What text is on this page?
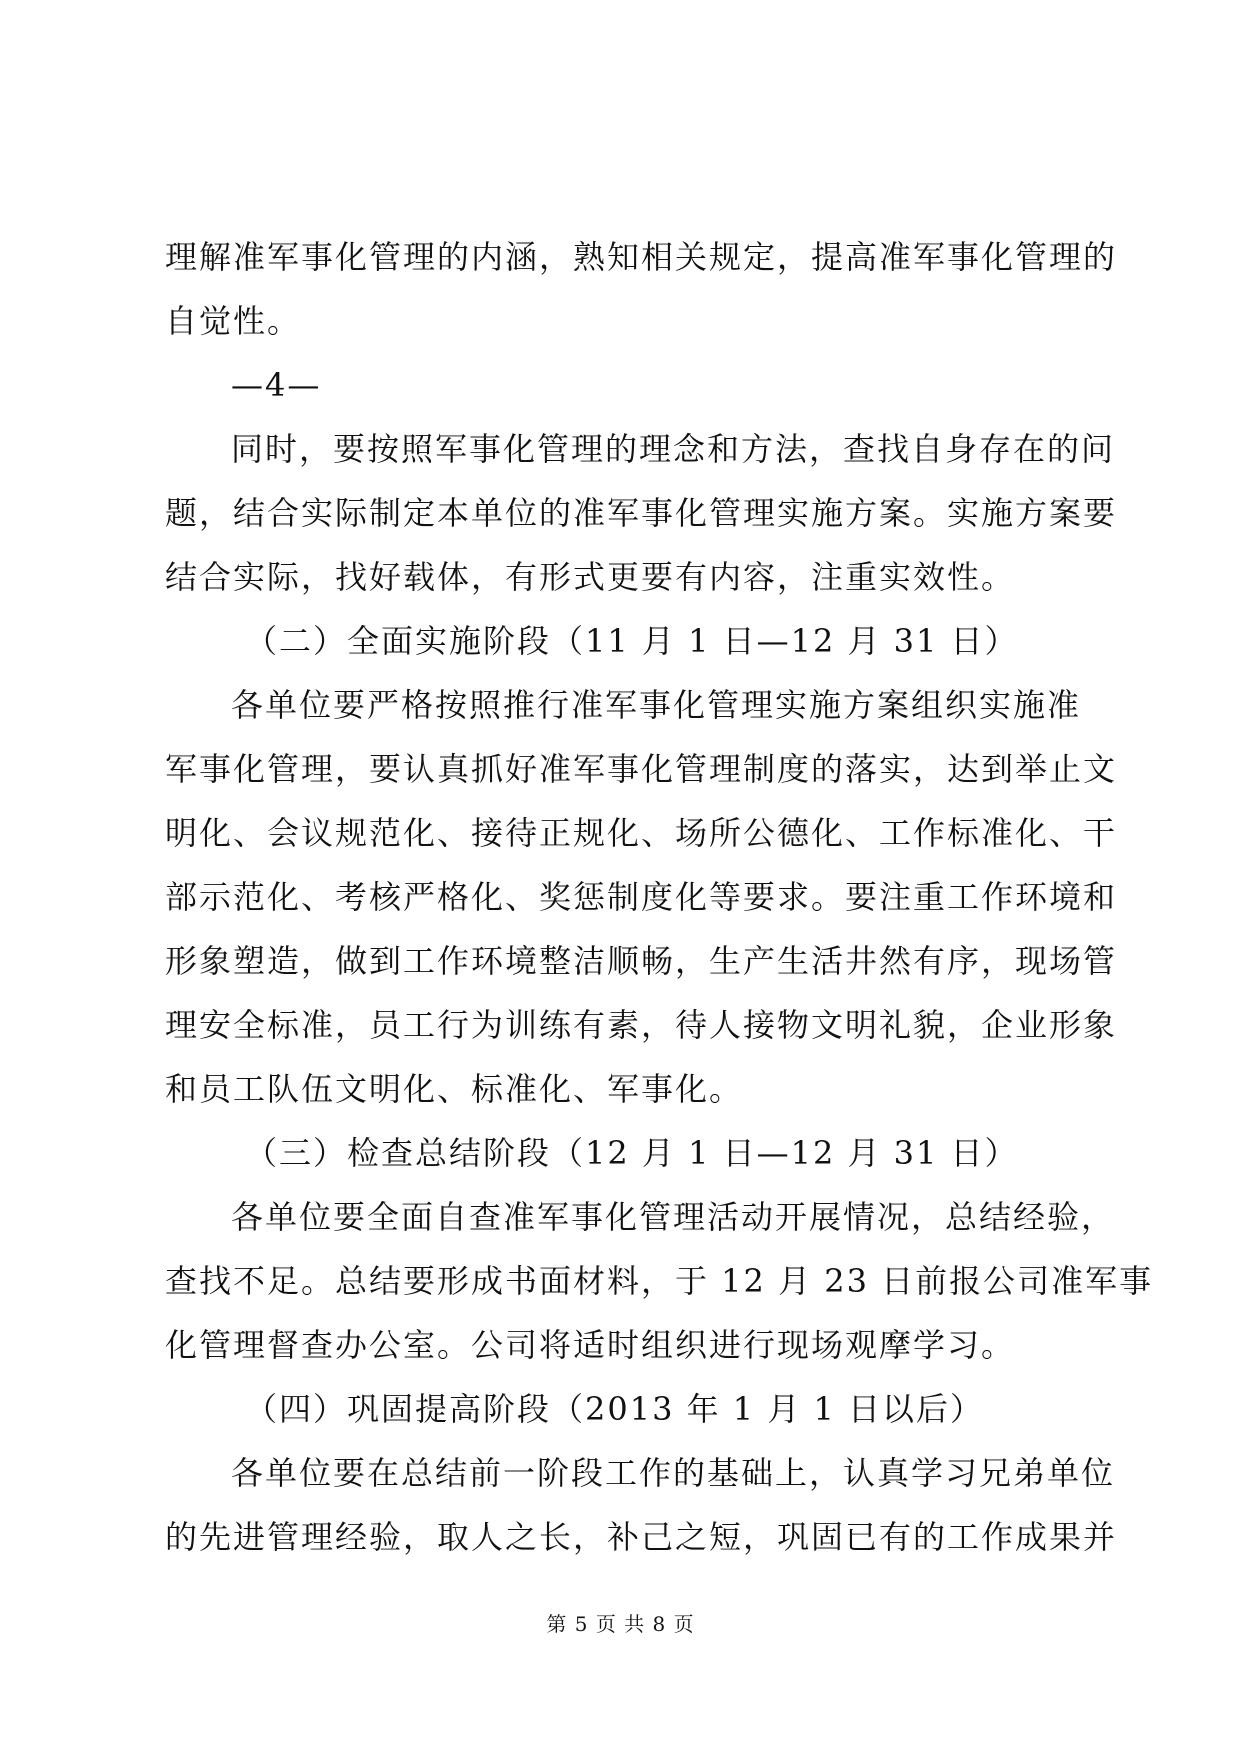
理解准军事化管理的内涵，熟知相关规定，提高准军事化管理的
自觉性。
—4—
同时，要按照军事化管理的理念和方法，查找自身存在的问
题，结合实际制定本单位的准军事化管理实施方案。实施方案要
结合实际，找好载体，有形式更要有内容，注重实效性。
（二）全面实施阶段（11 月 1 日—12 月 31 日）
各单位要严格按照推行准军事化管理实施方案组织实施准
军事化管理，要认真抓好准军事化管理制度的落实，达到举止文
明化、会议规范化、接待正规化、场所公德化、工作标准化、干
部示范化、考核严格化、奖惩制度化等要求。要注重工作环境和
形象塑造，做到工作环境整洁顺畅，生产生活井然有序，现场管
理安全标准，员工行为训练有素，待人接物文明礼貌，企业形象
和员工队伍文明化、标准化、军事化。
（三）检查总结阶段（12 月 1 日—12 月 31 日）
各单位要全面自查准军事化管理活动开展情况，总结经验，
查找不足。总结要形成书面材料，于 12 月 23 日前报公司准军事
化管理督查办公室。公司将适时组织进行现场观摩学习。
（四）巩固提高阶段（2013 年 1 月 1 日以后）
各单位要在总结前一阶段工作的基础上，认真学习兄弟单位
的先进管理经验，取人之长，补己之短，巩固已有的工作成果并
第 5 页 共 8 页
